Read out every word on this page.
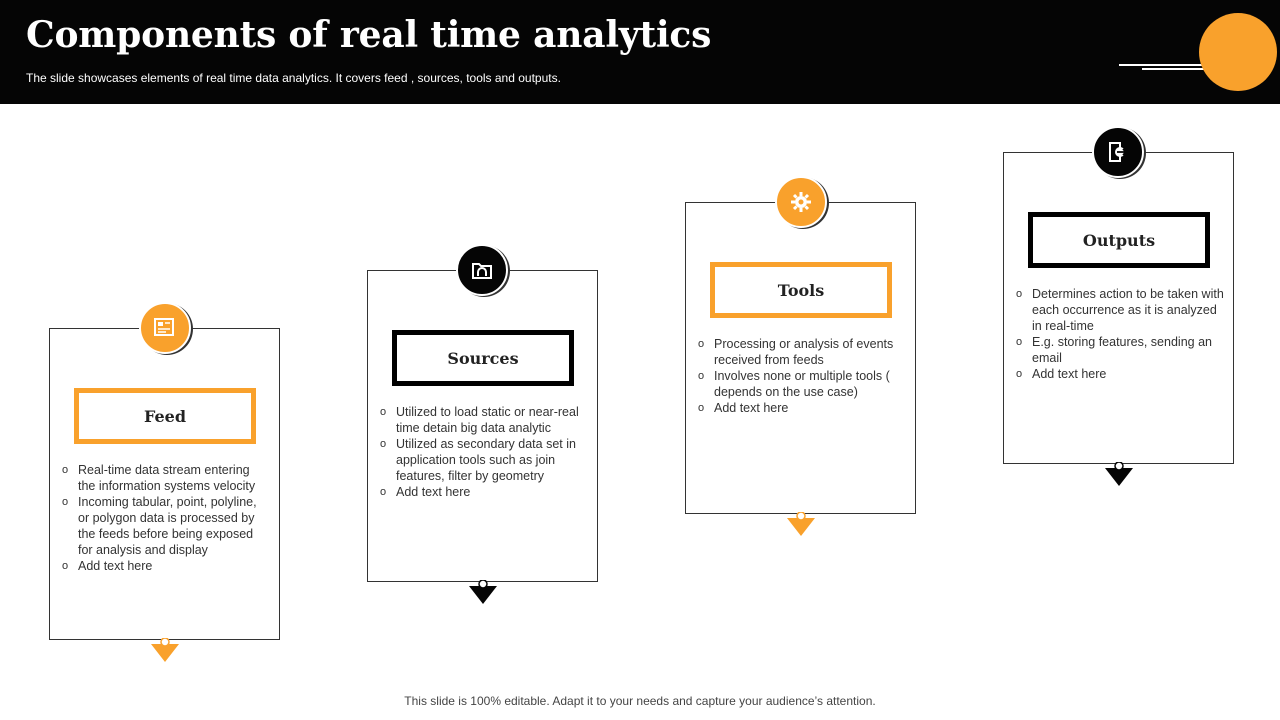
Components of real time analytics
The slide showcases elements of real time data analytics. It covers feed , sources, tools and outputs.
Feed
o Real-time data stream entering the information systems velocity
o Incoming tabular, point, polyline, or polygon data is processed by the feeds before being exposed for analysis and display
o Add text here
Sources
o Utilized to load static or near-real time detain big data analytic
o Utilized as secondary data set in application tools such as join features, filter by geometry
o Add text here
Tools
o Processing or analysis of events received from feeds
o Involves none or multiple tools ( depends on the use case)
o Add text here
Outputs
o Determines action to be taken with each occurrence as it is analyzed in real-time
o E.g. storing features, sending an email
o Add text here
This slide is 100% editable. Adapt it to your needs and capture your audience’s attention.
